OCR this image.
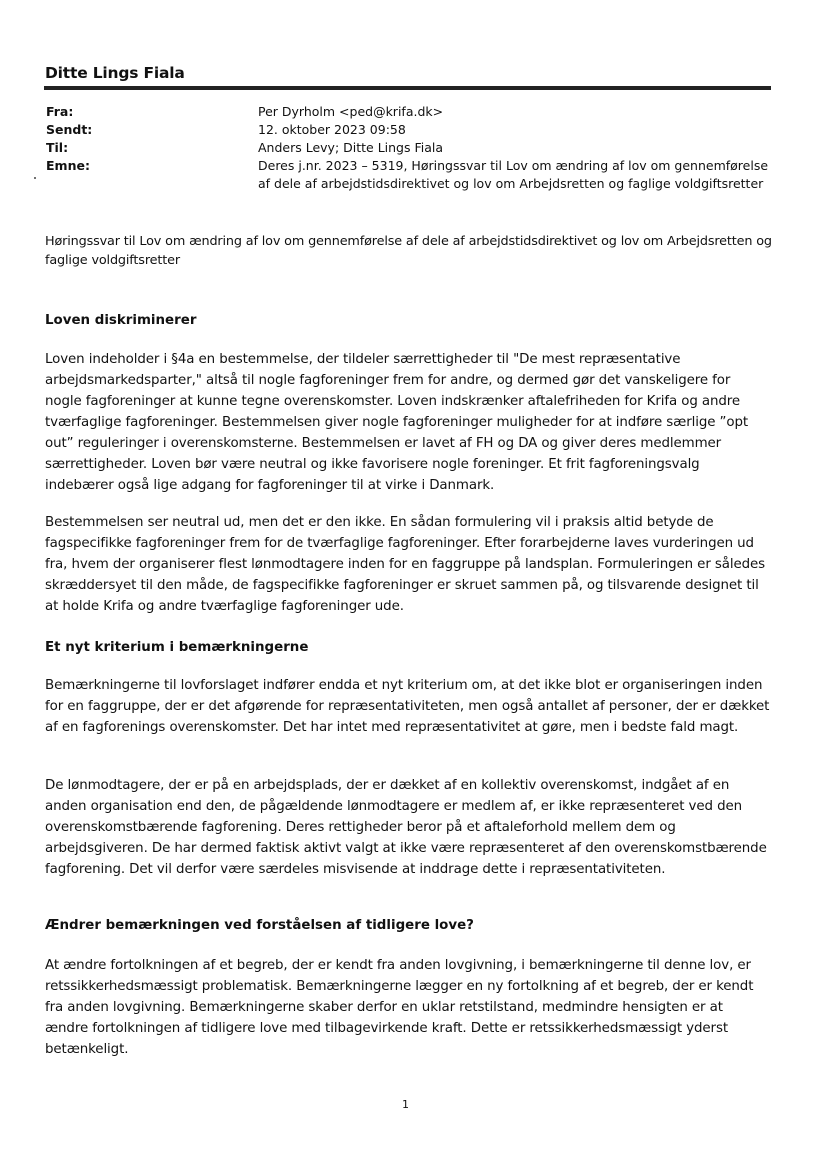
Ditte Lings Fiala
Fra:	Per Dyrholm <ped@krifa.dk>
Sendt:	12. oktober 2023 09:58
Til:	Anders Levy; Ditte Lings Fiala
Emne:	Deres j.nr. 2023 – 5319, Høringssvar til Lov om ændring af lov om gennemførelse af dele af arbejdstidsdirektivet og lov om Arbejdsretten og faglige voldgiftsretter
Høringssvar til Lov om ændring af lov om gennemførelse af dele af arbejdstidsdirektivet og lov om Arbejdsretten og faglige voldgiftsretter
Loven diskriminerer
Loven indeholder i §4a en bestemmelse, der tildeler særrettigheder til "De mest repræsentative arbejdsmarkedsparter," altså til nogle fagforeninger frem for andre, og dermed gør det vanskeligere for nogle fagforeninger at kunne tegne overenskomster. Loven indskrænker aftalefriheden for Krifa og andre tværfaglige fagforeninger. Bestemmelsen giver nogle fagforeninger muligheder for at indføre særlige ”opt out” reguleringer i overenskomsterne. Bestemmelsen er lavet af FH og DA og giver deres medlemmer særrettigheder. Loven bør være neutral og ikke favorisere nogle foreninger. Et frit fagforeningsvalg indebærer også lige adgang for fagforeninger til at virke i Danmark.
Bestemmelsen ser neutral ud, men det er den ikke. En sådan formulering vil i praksis altid betyde de fagspecifikke fagforeninger frem for de tværfaglige fagforeninger. Efter forarbejderne laves vurderingen ud fra, hvem der organiserer flest lønmodtagere inden for en faggruppe på landsplan. Formuleringen er således skræddersyet til den måde, de fagspecifikke fagforeninger er skruet sammen på, og tilsvarende designet til at holde Krifa og andre tværfaglige fagforeninger ude.
Et nyt kriterium i bemærkningerne
Bemærkningerne til lovforslaget indfører endda et nyt kriterium om, at det ikke blot er organiseringen inden for en faggruppe, der er det afgørende for repræsentativiteten, men også antallet af personer, der er dækket af en fagforenings overenskomster. Det har intet med repræsentativitet at gøre, men i bedste fald magt.
De lønmodtagere, der er på en arbejdsplads, der er dækket af en kollektiv overenskomst, indgået af en anden organisation end den, de pågældende lønmodtagere er medlem af, er ikke repræsenteret ved den overenskomstbærende fagforening. Deres rettigheder beror på et aftaleforhold mellem dem og arbejdsgiveren. De har dermed faktisk aktivt valgt at ikke være repræsenteret af den overenskomstbærende fagforening. Det vil derfor være særdeles misvisende at inddrage dette i repræsentativiteten.
Ændrer bemærkningen ved forståelsen af tidligere love?
At ændre fortolkningen af et begreb, der er kendt fra anden lovgivning, i bemærkningerne til denne lov, er retssikkerhedsmæssigt problematisk. Bemærkningerne lægger en ny fortolkning af et begreb, der er kendt fra anden lovgivning. Bemærkningerne skaber derfor en uklar retstilstand, medmindre hensigten er at ændre fortolkningen af tidligere love med tilbagevirkende kraft. Dette er retssikkerhedsmæssigt yderst betænkeligt.
1
